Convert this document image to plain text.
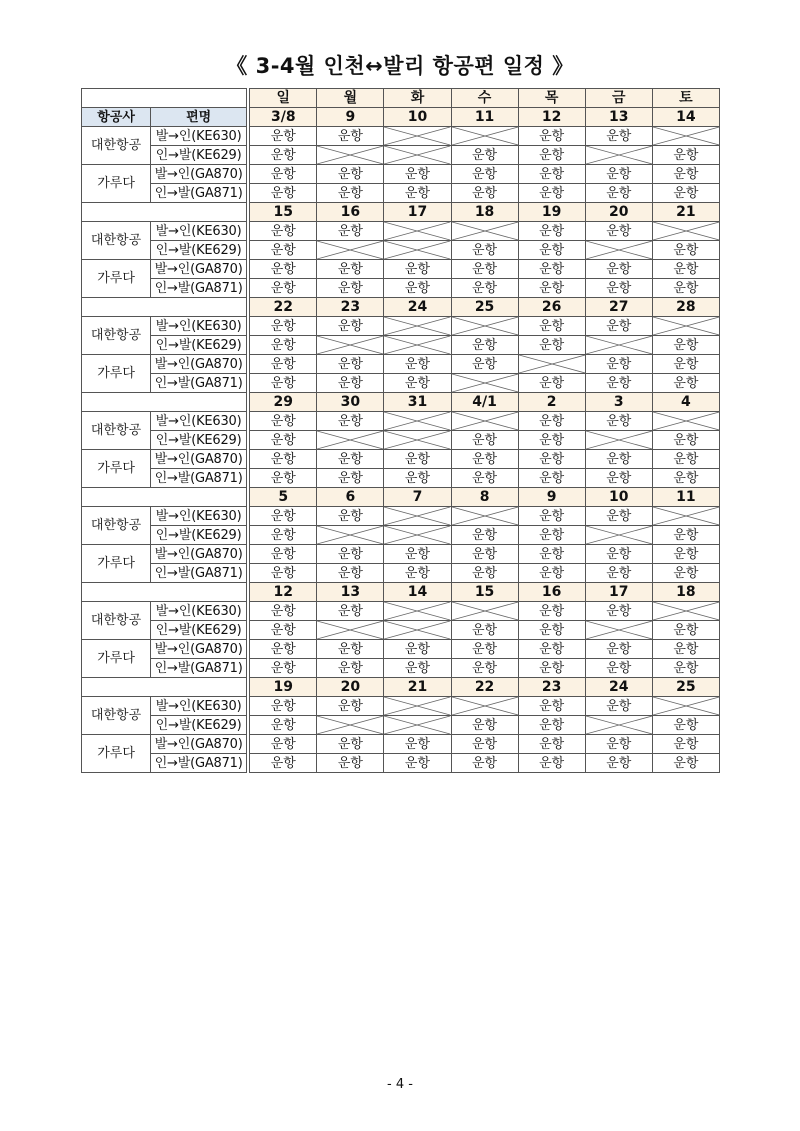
《 3-4월 인천↔발리 항공편 일정 》
			일	월	화	수	목	금	토
항공사	편명		3/8	9	10	11	12	13	14
대한항공	발→인(KE630)		운항	운항			운항	운항	

	인→발(KE629)		운항			운항	운항		운항
가루다	발→인(GA870)		운항	운항	운항	운항	운항	운항	운항
	인→발(GA871)		운항	운항	운항	운항	운항	운항	운항
			15	16	17	18	19	20	21
대한항공	발→인(KE630)		운항	운항			운항	운항	

	인→발(KE629)		운항			운항	운항		운항
가루다	발→인(GA870)		운항	운항	운항	운항	운항	운항	운항
	인→발(GA871)		운항	운항	운항	운항	운항	운항	운항
			22	23	24	25	26	27	28
대한항공	발→인(KE630)		운항	운항			운항	운항	

	인→발(KE629)		운항			운항	운항		운항
가루다	발→인(GA870)		운항	운항	운항	운항		운항	운항
	인→발(GA871)		운항	운항	운항		운항	운항	운항
			29	30	31	4/1	2	3	4
대한항공	발→인(KE630)		운항	운항			운항	운항	

	인→발(KE629)		운항			운항	운항		운항
가루다	발→인(GA870)		운항	운항	운항	운항	운항	운항	운항
	인→발(GA871)		운항	운항	운항	운항	운항	운항	운항
			5	6	7	8	9	10	11
대한항공	발→인(KE630)		운항	운항			운항	운항	

	인→발(KE629)		운항			운항	운항		운항
가루다	발→인(GA870)		운항	운항	운항	운항	운항	운항	운항
	인→발(GA871)		운항	운항	운항	운항	운항	운항	운항
			12	13	14	15	16	17	18
대한항공	발→인(KE630)		운항	운항			운항	운항	

	인→발(KE629)		운항			운항	운항		운항
가루다	발→인(GA870)		운항	운항	운항	운항	운항	운항	운항
	인→발(GA871)		운항	운항	운항	운항	운항	운항	운항
			19	20	21	22	23	24	25
대한항공	발→인(KE630)		운항	운항			운항	운항	

	인→발(KE629)		운항			운항	운항		운항
가루다	발→인(GA870)		운항	운항	운항	운항	운항	운항	운항
	인→발(GA871)		운항	운항	운항	운항	운항	운항	운항
- 4 -
